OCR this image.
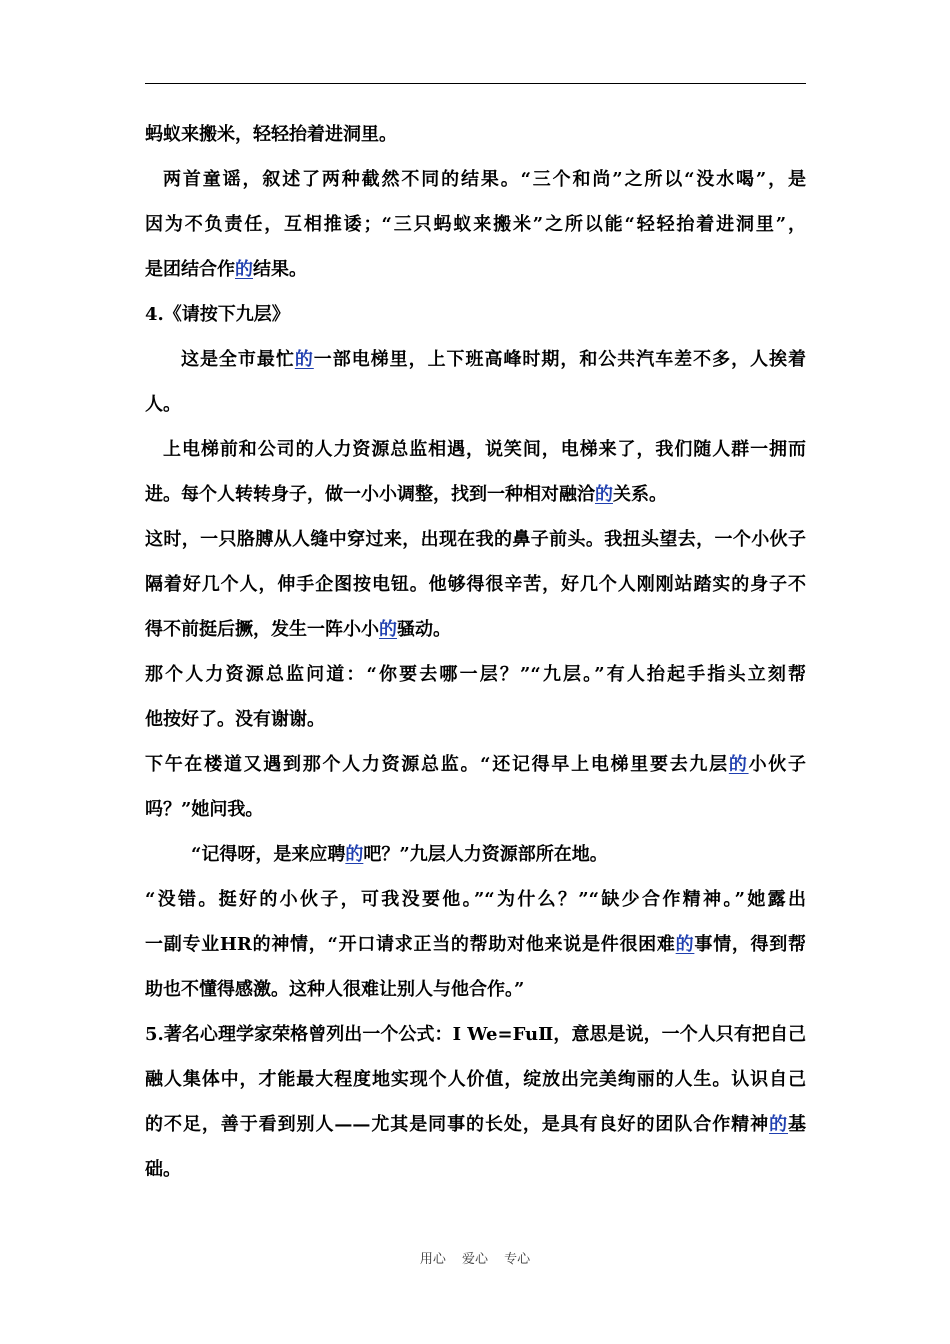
蚂蚁来搬米，轻轻抬着进洞里。
两首童谣，叙述了两种截然不同的结果。“三个和尚”之所以“没水喝”，是
因为不负责任，互相推诿；“三只蚂蚁来搬米”之所以能“轻轻抬着进洞里”，
是团结合作的结果。
4.《请按下九层》
这是全市最忙的一部电梯里，上下班高峰时期，和公共汽车差不多，人挨着
人。
上电梯前和公司的人力资源总监相遇，说笑间，电梯来了，我们随人群一拥而
进。每个人转转身子，做一小小调整，找到一种相对融洽的关系。
这时，一只胳膊从人缝中穿过来，出现在我的鼻子前头。我扭头望去，一个小伙子
隔着好几个人，伸手企图按电钮。他够得很辛苦，好几个人刚刚站踏实的身子不
得不前挺后撅，发生一阵小小的骚动。
那个人力资源总监问道：“你要去哪一层？”“九层。”有人抬起手指头立刻帮
他按好了。没有谢谢。
下午在楼道又遇到那个人力资源总监。“还记得早上电梯里要去九层的小伙子
吗？”她问我。
“记得呀，是来应聘的吧？”九层人力资源部所在地。
“没错。挺好的小伙子，可我没要他。”“为什么？”“缺少合作精神。”她露出
一副专业HR的神情，“开口请求正当的帮助对他来说是件很困难的事情，得到帮
助也不懂得感激。这种人很难让别人与他合作。”
5.著名心理学家荣格曾列出一个公式：I We=FuⅡ，意思是说，一个人只有把自己
融人集体中，才能最大程度地实现个人价值，绽放出完美绚丽的人生。认识自己
的不足，善于看到别人——尤其是同事的长处，是具有良好的团队合作精神的基
础。
用心 爱心 专心
